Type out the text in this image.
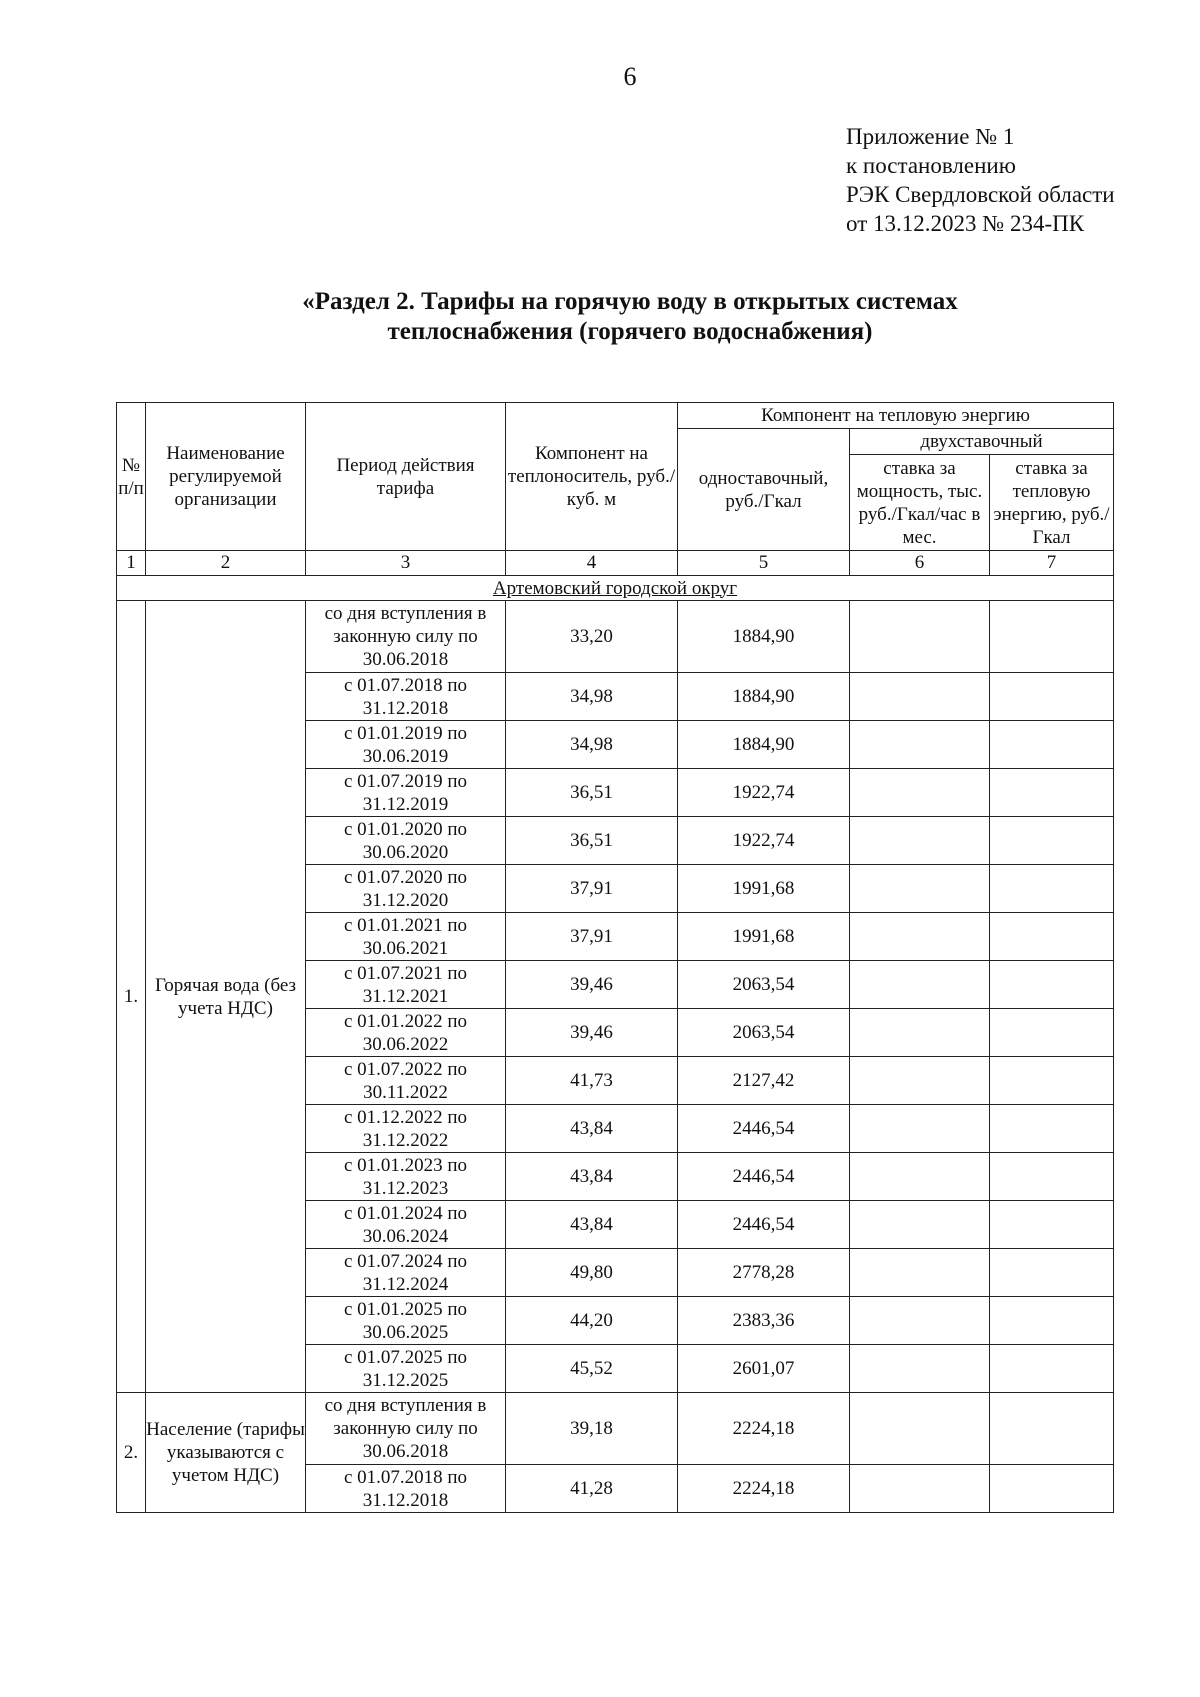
6
Приложение № 1
к постановлению
РЭК Свердловской области
от 13.12.2023 № 234-ПК
«Раздел 2. Тарифы на горячую воду в открытых системах
теплоснабжения (горячего водоснабжения)
№ п/п	Наименование регулируемой организации	Период действия тарифа	Компонент на теплоноситель, руб./куб. м	Компонент на тепловую энергию		
				одноставочный, руб./Гкал	двухставочный	
					ставка за мощность, тыс. руб./Гкал/час в мес.	ставка за тепловую энергию, руб./Гкал
1	2	3	4	5	6	7
Артемовский городской округ						
1.	Горячая вода (без учета НДС)	со дня вступления в законную силу по 30.06.2018	33,20	1884,90		
		с 01.07.2018 по 31.12.2018	34,98	1884,90		
		с 01.01.2019 по 30.06.2019	34,98	1884,90		
		с 01.07.2019 по 31.12.2019	36,51	1922,74		
		с 01.01.2020 по 30.06.2020	36,51	1922,74		
		с 01.07.2020 по 31.12.2020	37,91	1991,68		
		с 01.01.2021 по 30.06.2021	37,91	1991,68		
		с 01.07.2021 по 31.12.2021	39,46	2063,54		
		с 01.01.2022 по 30.06.2022	39,46	2063,54		
		с 01.07.2022 по 30.11.2022	41,73	2127,42		
		с 01.12.2022 по 31.12.2022	43,84	2446,54		
		с 01.01.2023 по 31.12.2023	43,84	2446,54		
		с 01.01.2024 по 30.06.2024	43,84	2446,54		
		с 01.07.2024 по 31.12.2024	49,80	2778,28		
		с 01.01.2025 по 30.06.2025	44,20	2383,36		
		с 01.07.2025 по 31.12.2025	45,52	2601,07		
2.	Население (тарифы указываются с учетом НДС)	со дня вступления в законную силу по 30.06.2018	39,18	2224,18		
		с 01.07.2018 по 31.12.2018	41,28	2224,18		
